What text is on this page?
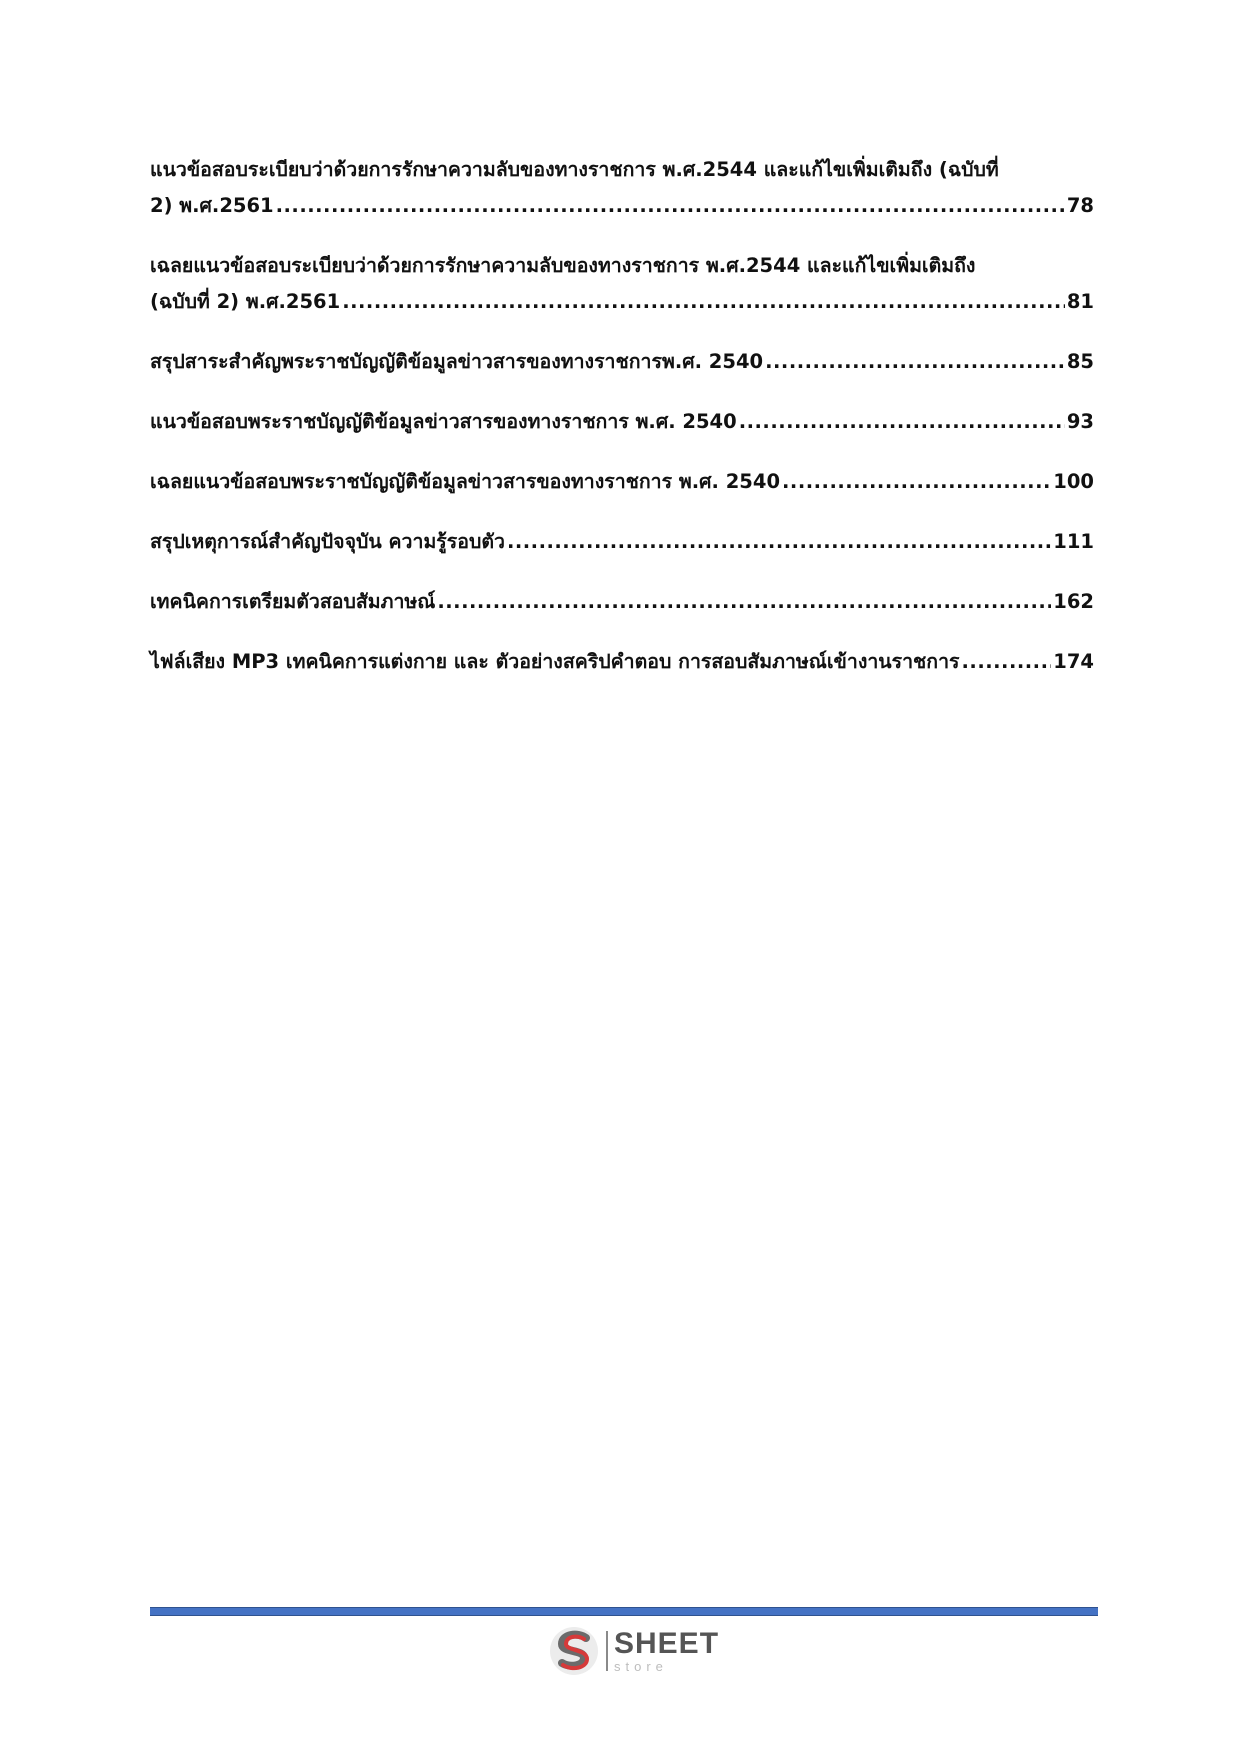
แนวข้อสอบระเบียบว่าด้วยการรักษาความลับของทางราชการ พ.ศ.2544 และแก้ไขเพิ่มเติมถึง (ฉบับที่
2) พ.ศ.2561 .....	78
เฉลยแนวข้อสอบระเบียบว่าด้วยการรักษาความลับของทางราชการ พ.ศ.2544 และแก้ไขเพิ่มเติมถึง
(ฉบับที่ 2) พ.ศ.2561 .....	81
สรุปสาระสำคัญพระราชบัญญัติข้อมูลข่าวสารของทางราชการพ.ศ. 2540 .....	85
แนวข้อสอบพระราชบัญญัติข้อมูลข่าวสารของทางราชการ พ.ศ. 2540 .....	93
เฉลยแนวข้อสอบพระราชบัญญัติข้อมูลข่าวสารของทางราชการ พ.ศ. 2540 .....	100
สรุปเหตุการณ์สำคัญปัจจุบัน ความรู้รอบตัว .....	111
เทคนิคการเตรียมตัวสอบสัมภาษณ์ .....	162
ไฟล์เสียง MP3 เทคนิคการแต่งกาย และ ตัวอย่างสคริปคำตอบ การสอบสัมภาษณ์เข้างานราชการ .....	174
SHEET
store
